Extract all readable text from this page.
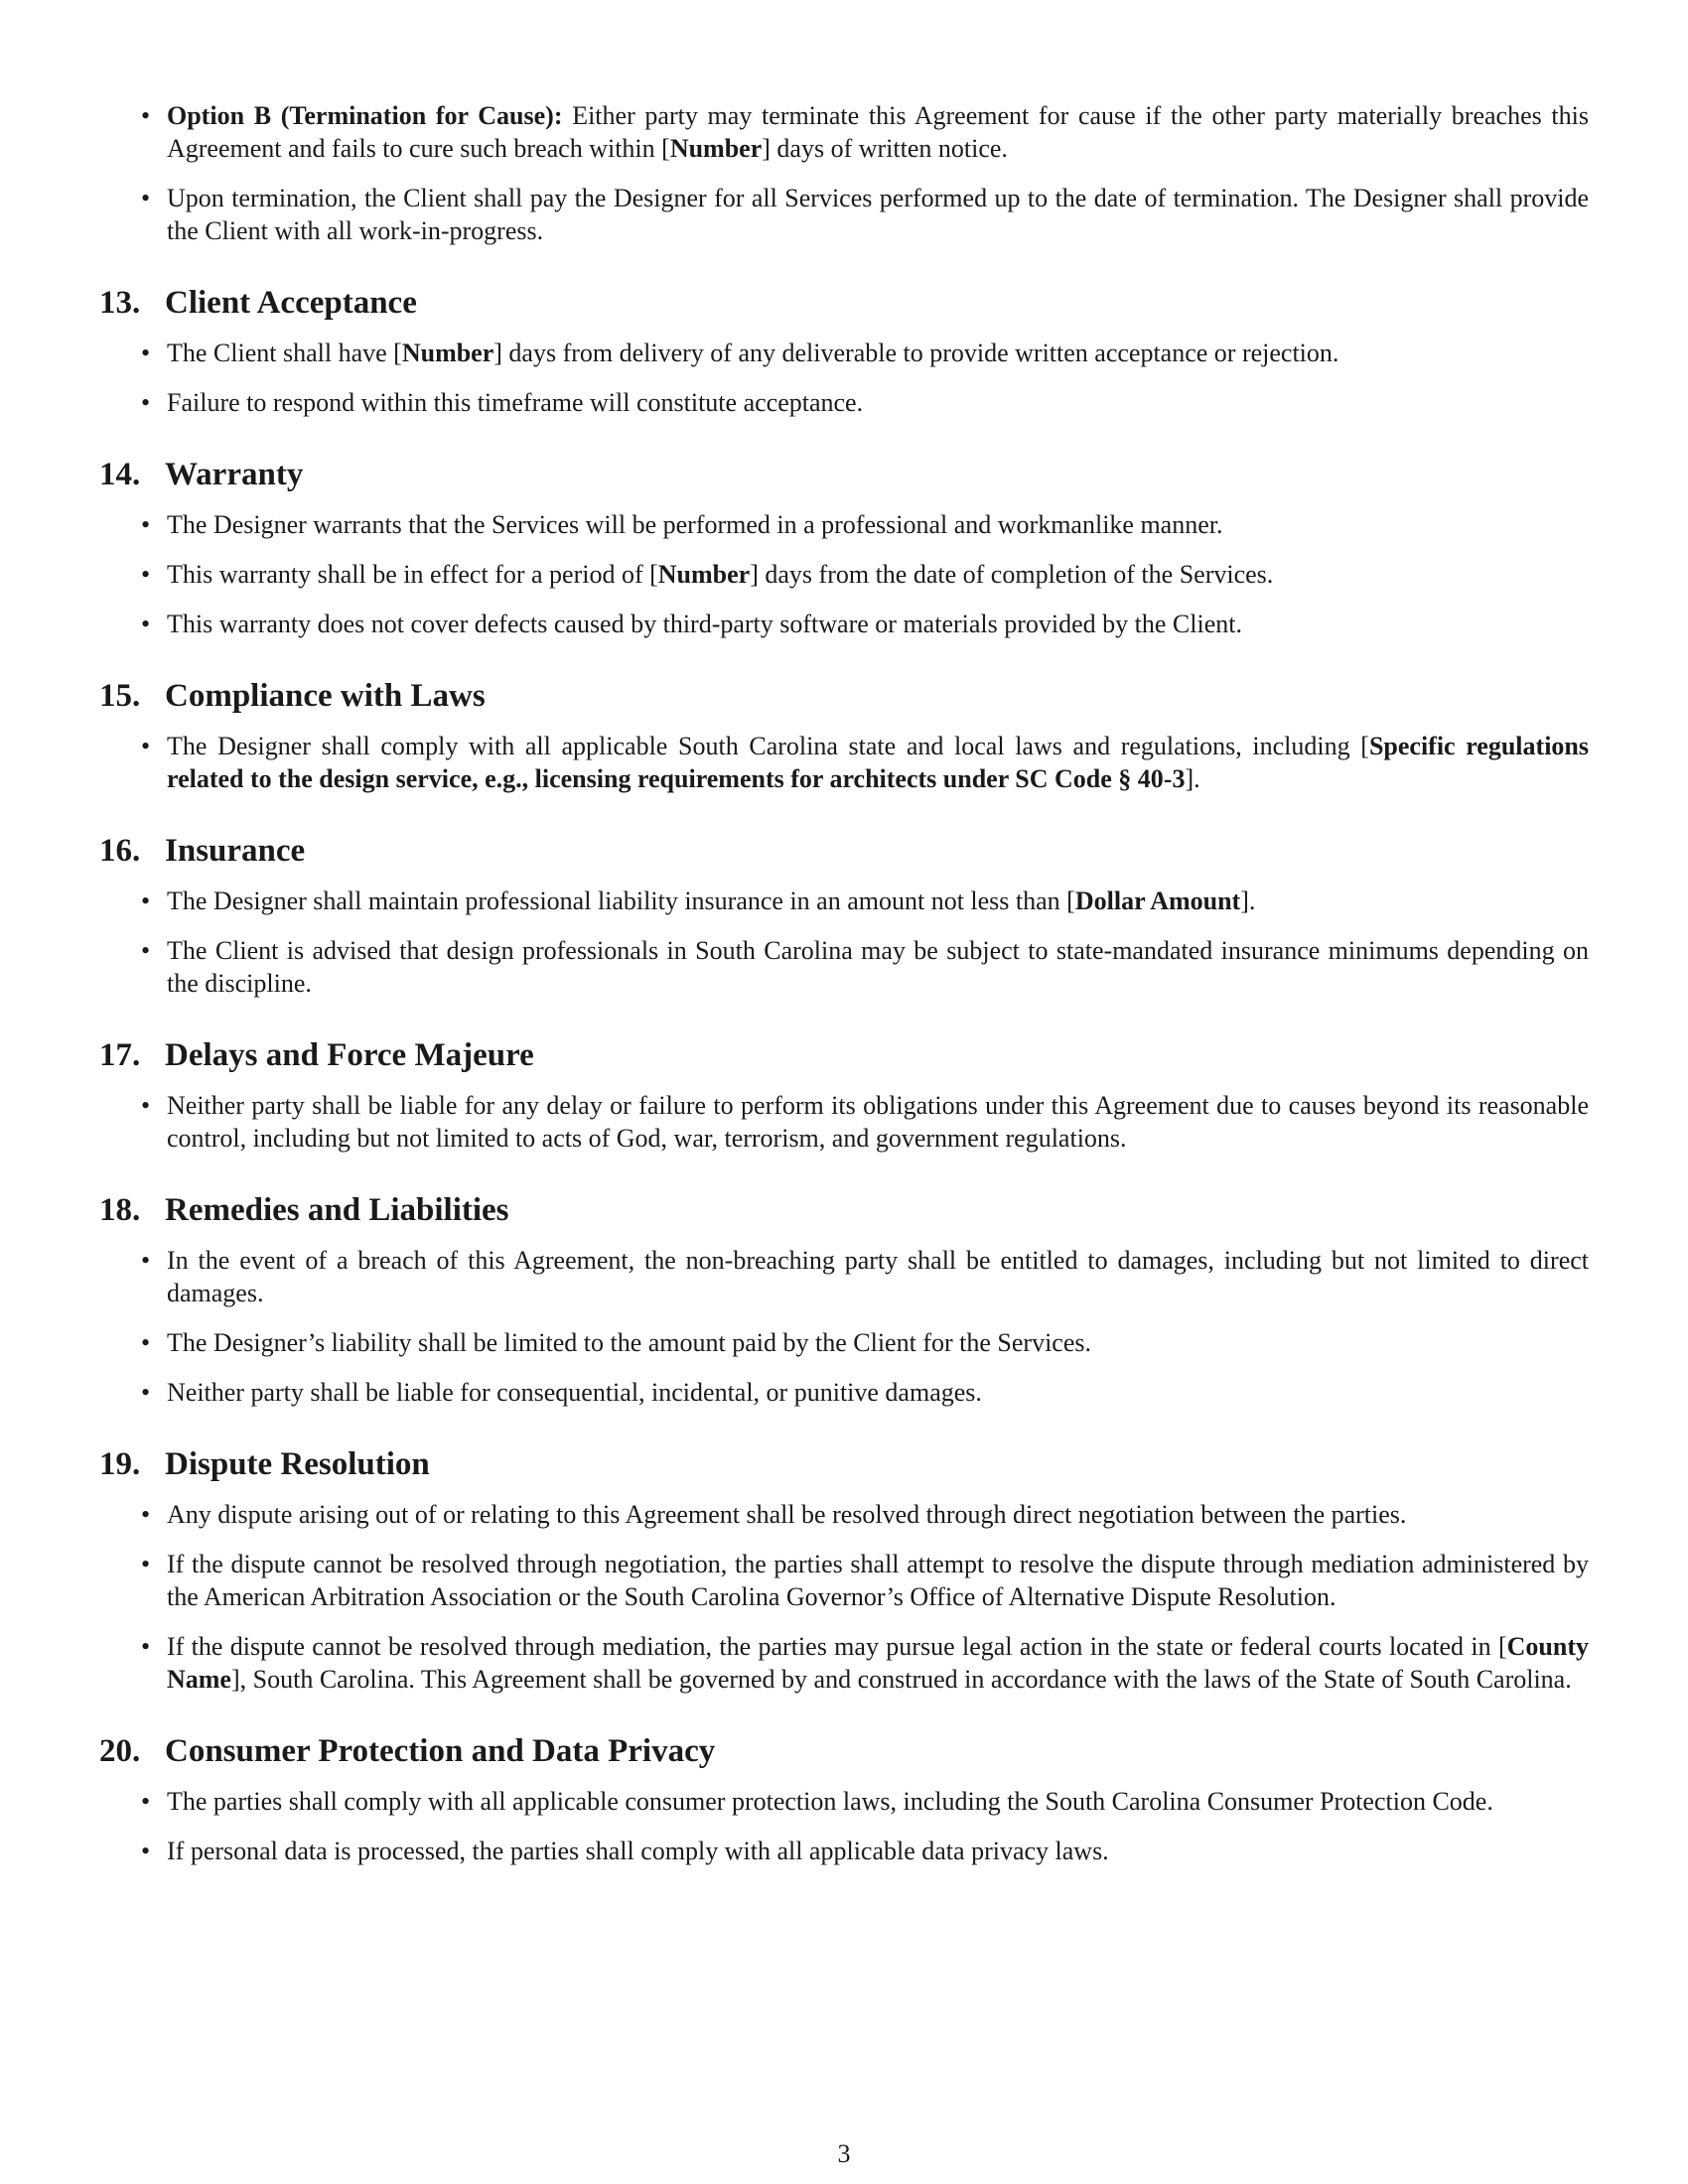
• Option B (Termination for Cause): Either party may terminate this Agreement for cause if the other party materially breaches this Agreement and fails to cure such breach within [Number] days of written notice.
• Upon termination, the Client shall pay the Designer for all Services performed up to the date of termination. The Designer shall provide the Client with all work-in-progress.
13. Client Acceptance
• The Client shall have [Number] days from delivery of any deliverable to provide written acceptance or rejection.
• Failure to respond within this timeframe will constitute acceptance.
14. Warranty
• The Designer warrants that the Services will be performed in a professional and workmanlike manner.
• This warranty shall be in effect for a period of [Number] days from the date of completion of the Services.
• This warranty does not cover defects caused by third-party software or materials provided by the Client.
15. Compliance with Laws
• The Designer shall comply with all applicable South Carolina state and local laws and regulations, including [Specific regulations related to the design service, e.g., licensing requirements for architects under SC Code § 40-3].
16. Insurance
• The Designer shall maintain professional liability insurance in an amount not less than [Dollar Amount].
• The Client is advised that design professionals in South Carolina may be subject to state-mandated insurance minimums depending on the discipline.
17. Delays and Force Majeure
• Neither party shall be liable for any delay or failure to perform its obligations under this Agreement due to causes beyond its reasonable control, including but not limited to acts of God, war, terrorism, and government regulations.
18. Remedies and Liabilities
• In the event of a breach of this Agreement, the non-breaching party shall be entitled to damages, including but not limited to direct damages.
• The Designer’s liability shall be limited to the amount paid by the Client for the Services.
• Neither party shall be liable for consequential, incidental, or punitive damages.
19. Dispute Resolution
• Any dispute arising out of or relating to this Agreement shall be resolved through direct negotiation between the parties.
• If the dispute cannot be resolved through negotiation, the parties shall attempt to resolve the dispute through mediation administered by the American Arbitration Association or the South Carolina Governor’s Office of Alternative Dispute Resolution.
• If the dispute cannot be resolved through mediation, the parties may pursue legal action in the state or federal courts located in [County Name], South Carolina. This Agreement shall be governed by and construed in accordance with the laws of the State of South Carolina.
20. Consumer Protection and Data Privacy
• The parties shall comply with all applicable consumer protection laws, including the South Carolina Consumer Protection Code.
• If personal data is processed, the parties shall comply with all applicable data privacy laws.
3
